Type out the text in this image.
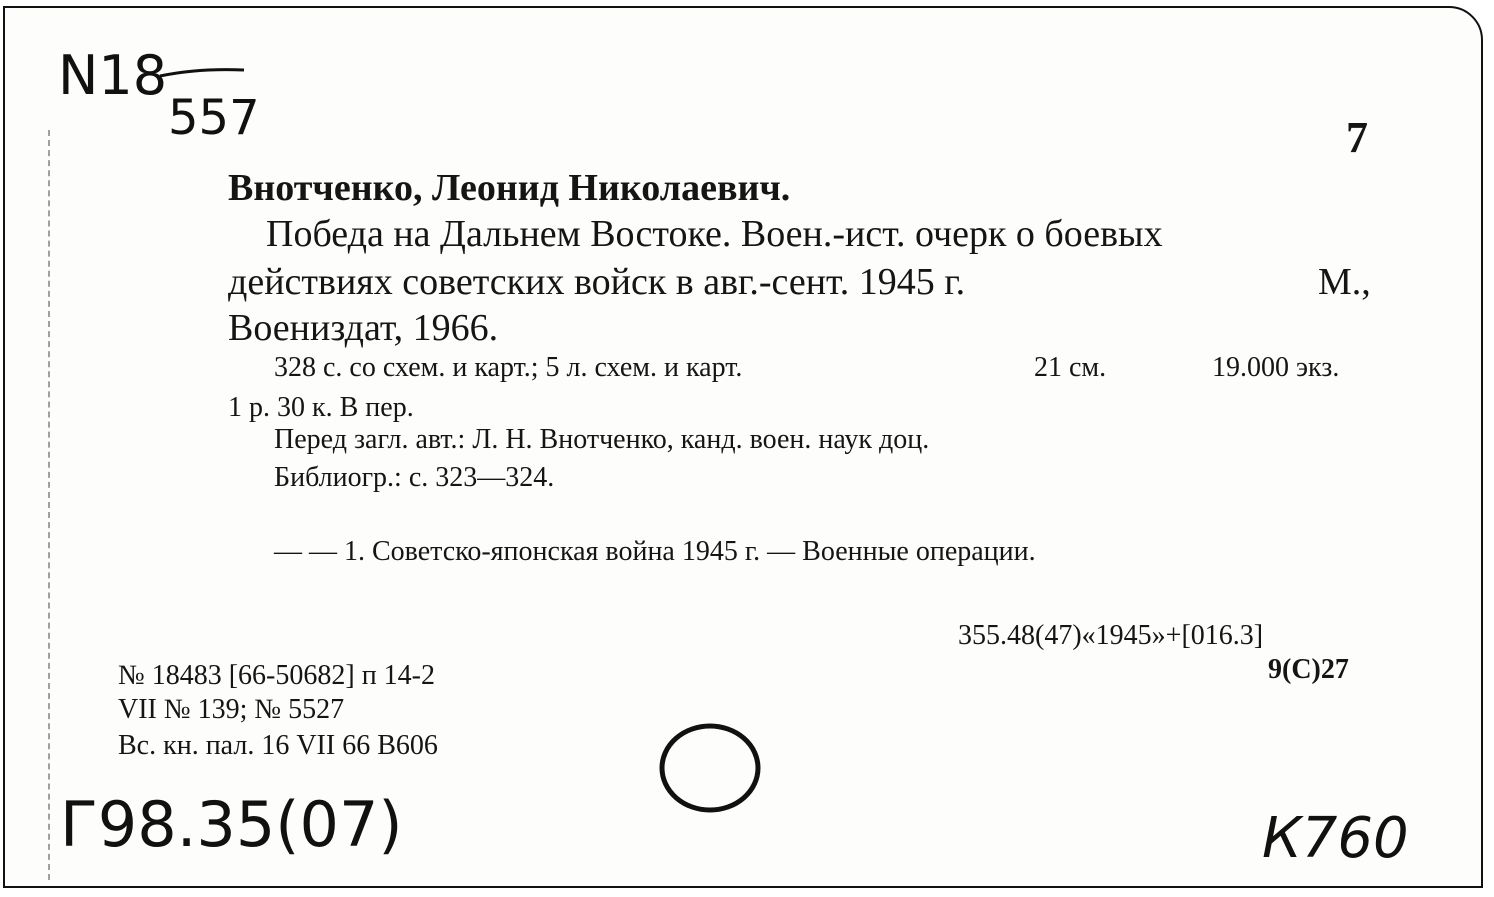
N18
557	7
Внотченко, Леонид Николаевич.
Победа на Дальнем Востоке. Воен.-ист. очерк о боевых
действиях советских войск в авг.-сент. 1945 г.	М.,
Воениздат, 1966.
328 с. со схем. и карт.; 5 л. схем. и карт.	21 см.	19.000 экз.
1 р. 30 к. В пер.
Перед загл. авт.: Л. Н. Внотченко, канд. воен. наук доц.
Библиогр.: с. 323—324.
— — 1. Советско-японская война 1945 г. — Военные операции.
355.48(47)«1945»+[016.3]
9(С)27
№ 18483 [66-50682] п 14-2
VII № 139; № 5527
Вс. кн. пал. 16 VII 66 В606
Г98.35(07)	К760
